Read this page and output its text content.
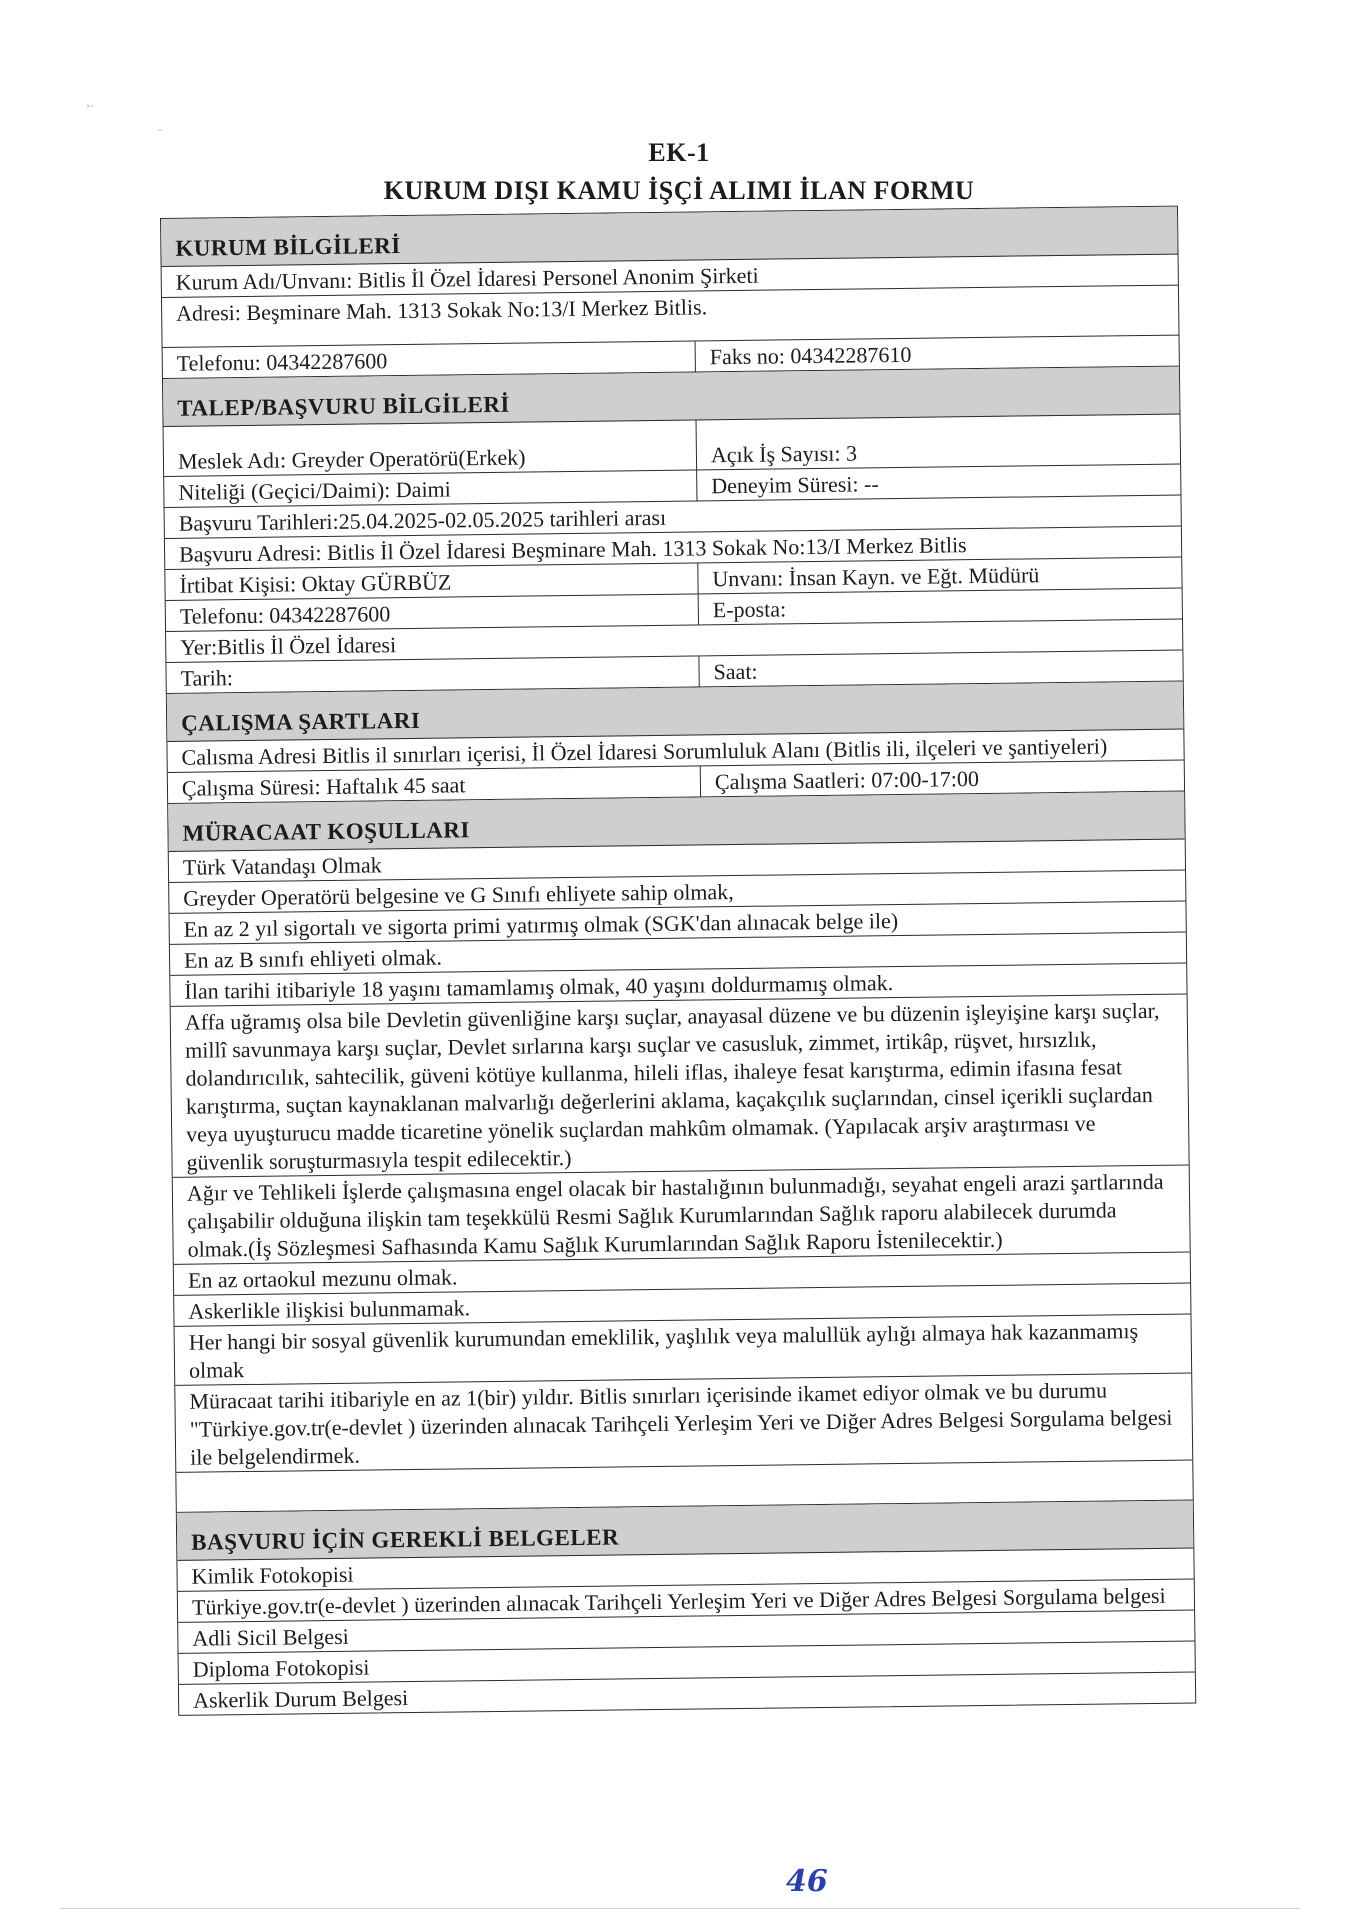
›-
-
EK-1
KURUM DIŞI KAMU İŞÇİ ALIMI İLAN FORMU
KURUM BİLGİLERİ
Kurum Adı/Unvanı: Bitlis İl Özel İdaresi Personel Anonim Şirketi
Adresi: Beşminare Mah. 1313 Sokak No:13/I Merkez Bitlis.
Telefonu: 04342287600	Faks no: 04342287610
TALEP/BAŞVURU BİLGİLERİ
Meslek Adı: Greyder Operatörü(Erkek)	Açık İş Sayısı: 3
Niteliği (Geçici/Daimi): Daimi	Deneyim Süresi: --
Başvuru Tarihleri:25.04.2025-02.05.2025 tarihleri arası
Başvuru Adresi: Bitlis İl Özel İdaresi Beşminare Mah. 1313 Sokak No:13/I Merkez Bitlis
İrtibat Kişisi: Oktay GÜRBÜZ	Unvanı: İnsan Kayn. ve Eğt. Müdürü
Telefonu: 04342287600	E-posta:
Yer:Bitlis İl Özel İdaresi
Tarih:	Saat:
ÇALIŞMA ŞARTLARI
Calısma Adresi Bitlis il sınırları içerisi, İl Özel İdaresi Sorumluluk Alanı (Bitlis ili, ilçeleri ve şantiyeleri)
Çalışma Süresi: Haftalık 45 saat	Çalışma Saatleri: 07:00-17:00
MÜRACAAT KOŞULLARI
Türk Vatandaşı Olmak
Greyder Operatörü belgesine ve G Sınıfı ehliyete sahip olmak,
En az 2 yıl sigortalı ve sigorta primi yatırmış olmak (SGK'dan alınacak belge ile)
En az B sınıfı ehliyeti olmak.
İlan tarihi itibariyle 18 yaşını tamamlamış olmak, 40 yaşını doldurmamış olmak.
Affa uğramış olsa bile Devletin güvenliğine karşı suçlar, anayasal düzene ve bu düzenin işleyişine karşı suçlar, millî savunmaya karşı suçlar, Devlet sırlarına karşı suçlar ve casusluk, zimmet, irtikâp, rüşvet, hırsızlık, dolandırıcılık, sahtecilik, güveni kötüye kullanma, hileli iflas, ihaleye fesat karıştırma, edimin ifasına fesat karıştırma, suçtan kaynaklanan malvarlığı değerlerini aklama, kaçakçılık suçlarından, cinsel içerikli suçlardan veya uyuşturucu madde ticaretine yönelik suçlardan mahkûm olmamak. (Yapılacak arşiv araştırması ve güvenlik soruşturmasıyla tespit edilecektir.)
Ağır ve Tehlikeli İşlerde çalışmasına engel olacak bir hastalığının bulunmadığı, seyahat engeli arazi şartlarında çalışabilir olduğuna ilişkin tam teşekkülü Resmi Sağlık Kurumlarından Sağlık raporu alabilecek durumda olmak.(İş Sözleşmesi Safhasında Kamu Sağlık Kurumlarından Sağlık Raporu İstenilecektir.)
En az ortaokul mezunu olmak.
Askerlikle ilişkisi bulunmamak.
Her hangi bir sosyal güvenlik kurumundan emeklilik, yaşlılık veya malullük aylığı almaya hak kazanmamış olmak
Müracaat tarihi itibariyle en az 1(bir) yıldır. Bitlis sınırları içerisinde ikamet ediyor olmak ve bu durumu "Türkiye.gov.tr(e-devlet ) üzerinden alınacak Tarihçeli Yerleşim Yeri ve Diğer Adres Belgesi Sorgulama belgesi ile belgelendirmek.
BAŞVURU İÇİN GEREKLİ BELGELER
Kimlik Fotokopisi
Türkiye.gov.tr(e-devlet ) üzerinden alınacak Tarihçeli Yerleşim Yeri ve Diğer Adres Belgesi Sorgulama belgesi
Adli Sicil Belgesi
Diploma Fotokopisi
Askerlik Durum Belgesi
46
